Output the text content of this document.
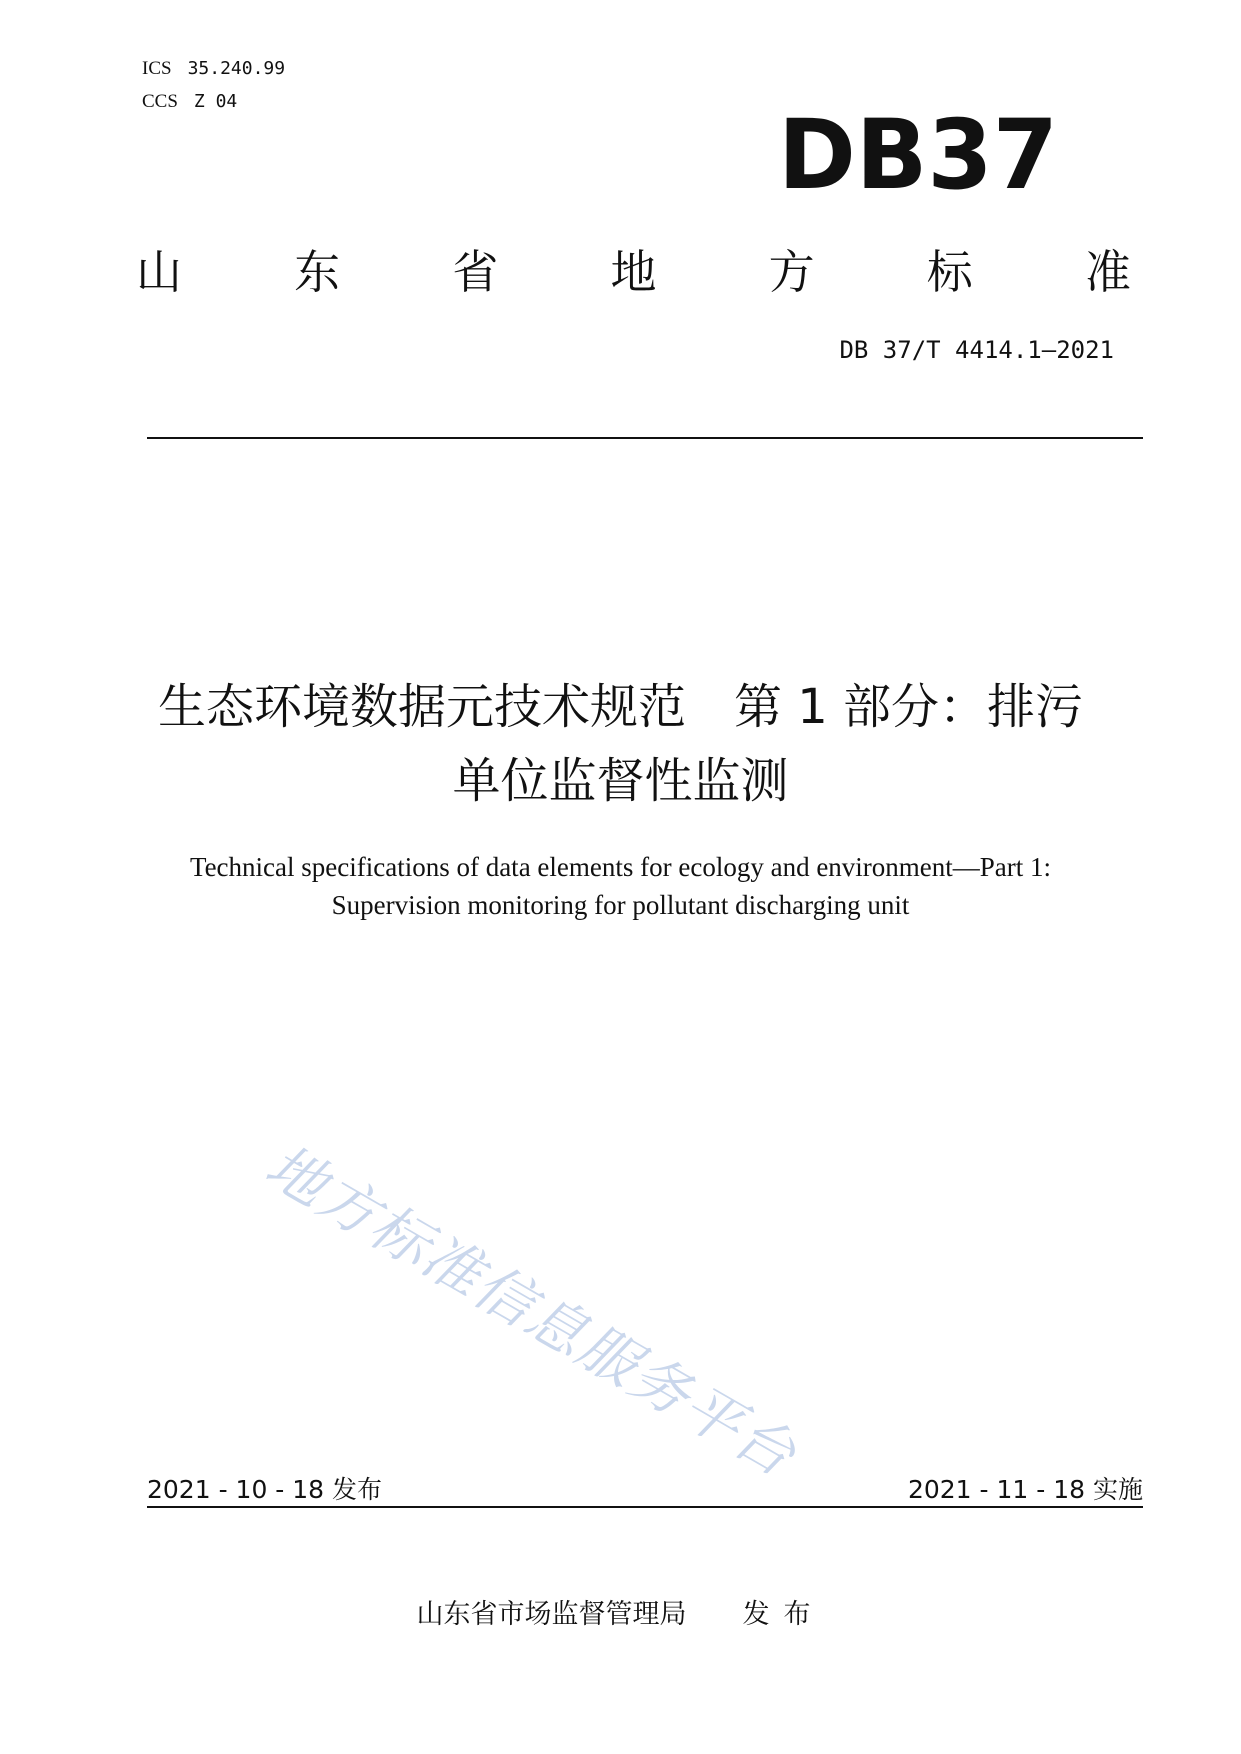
ICS 35.240.99
CCS Z 04	DB37
山 东 省 地 方 标 准
DB 37/T 4414.1—2021
生态环境数据元技术规范　第 1 部分：排污
单位监督性监测
Technical specifications of data elements for ecology and environment—Part 1:
Supervision monitoring for pollutant discharging unit
地方标准信息服务平台
2021 - 10 - 18 发布	2021 - 11 - 18 实施
山东省市场监督管理局 发布
